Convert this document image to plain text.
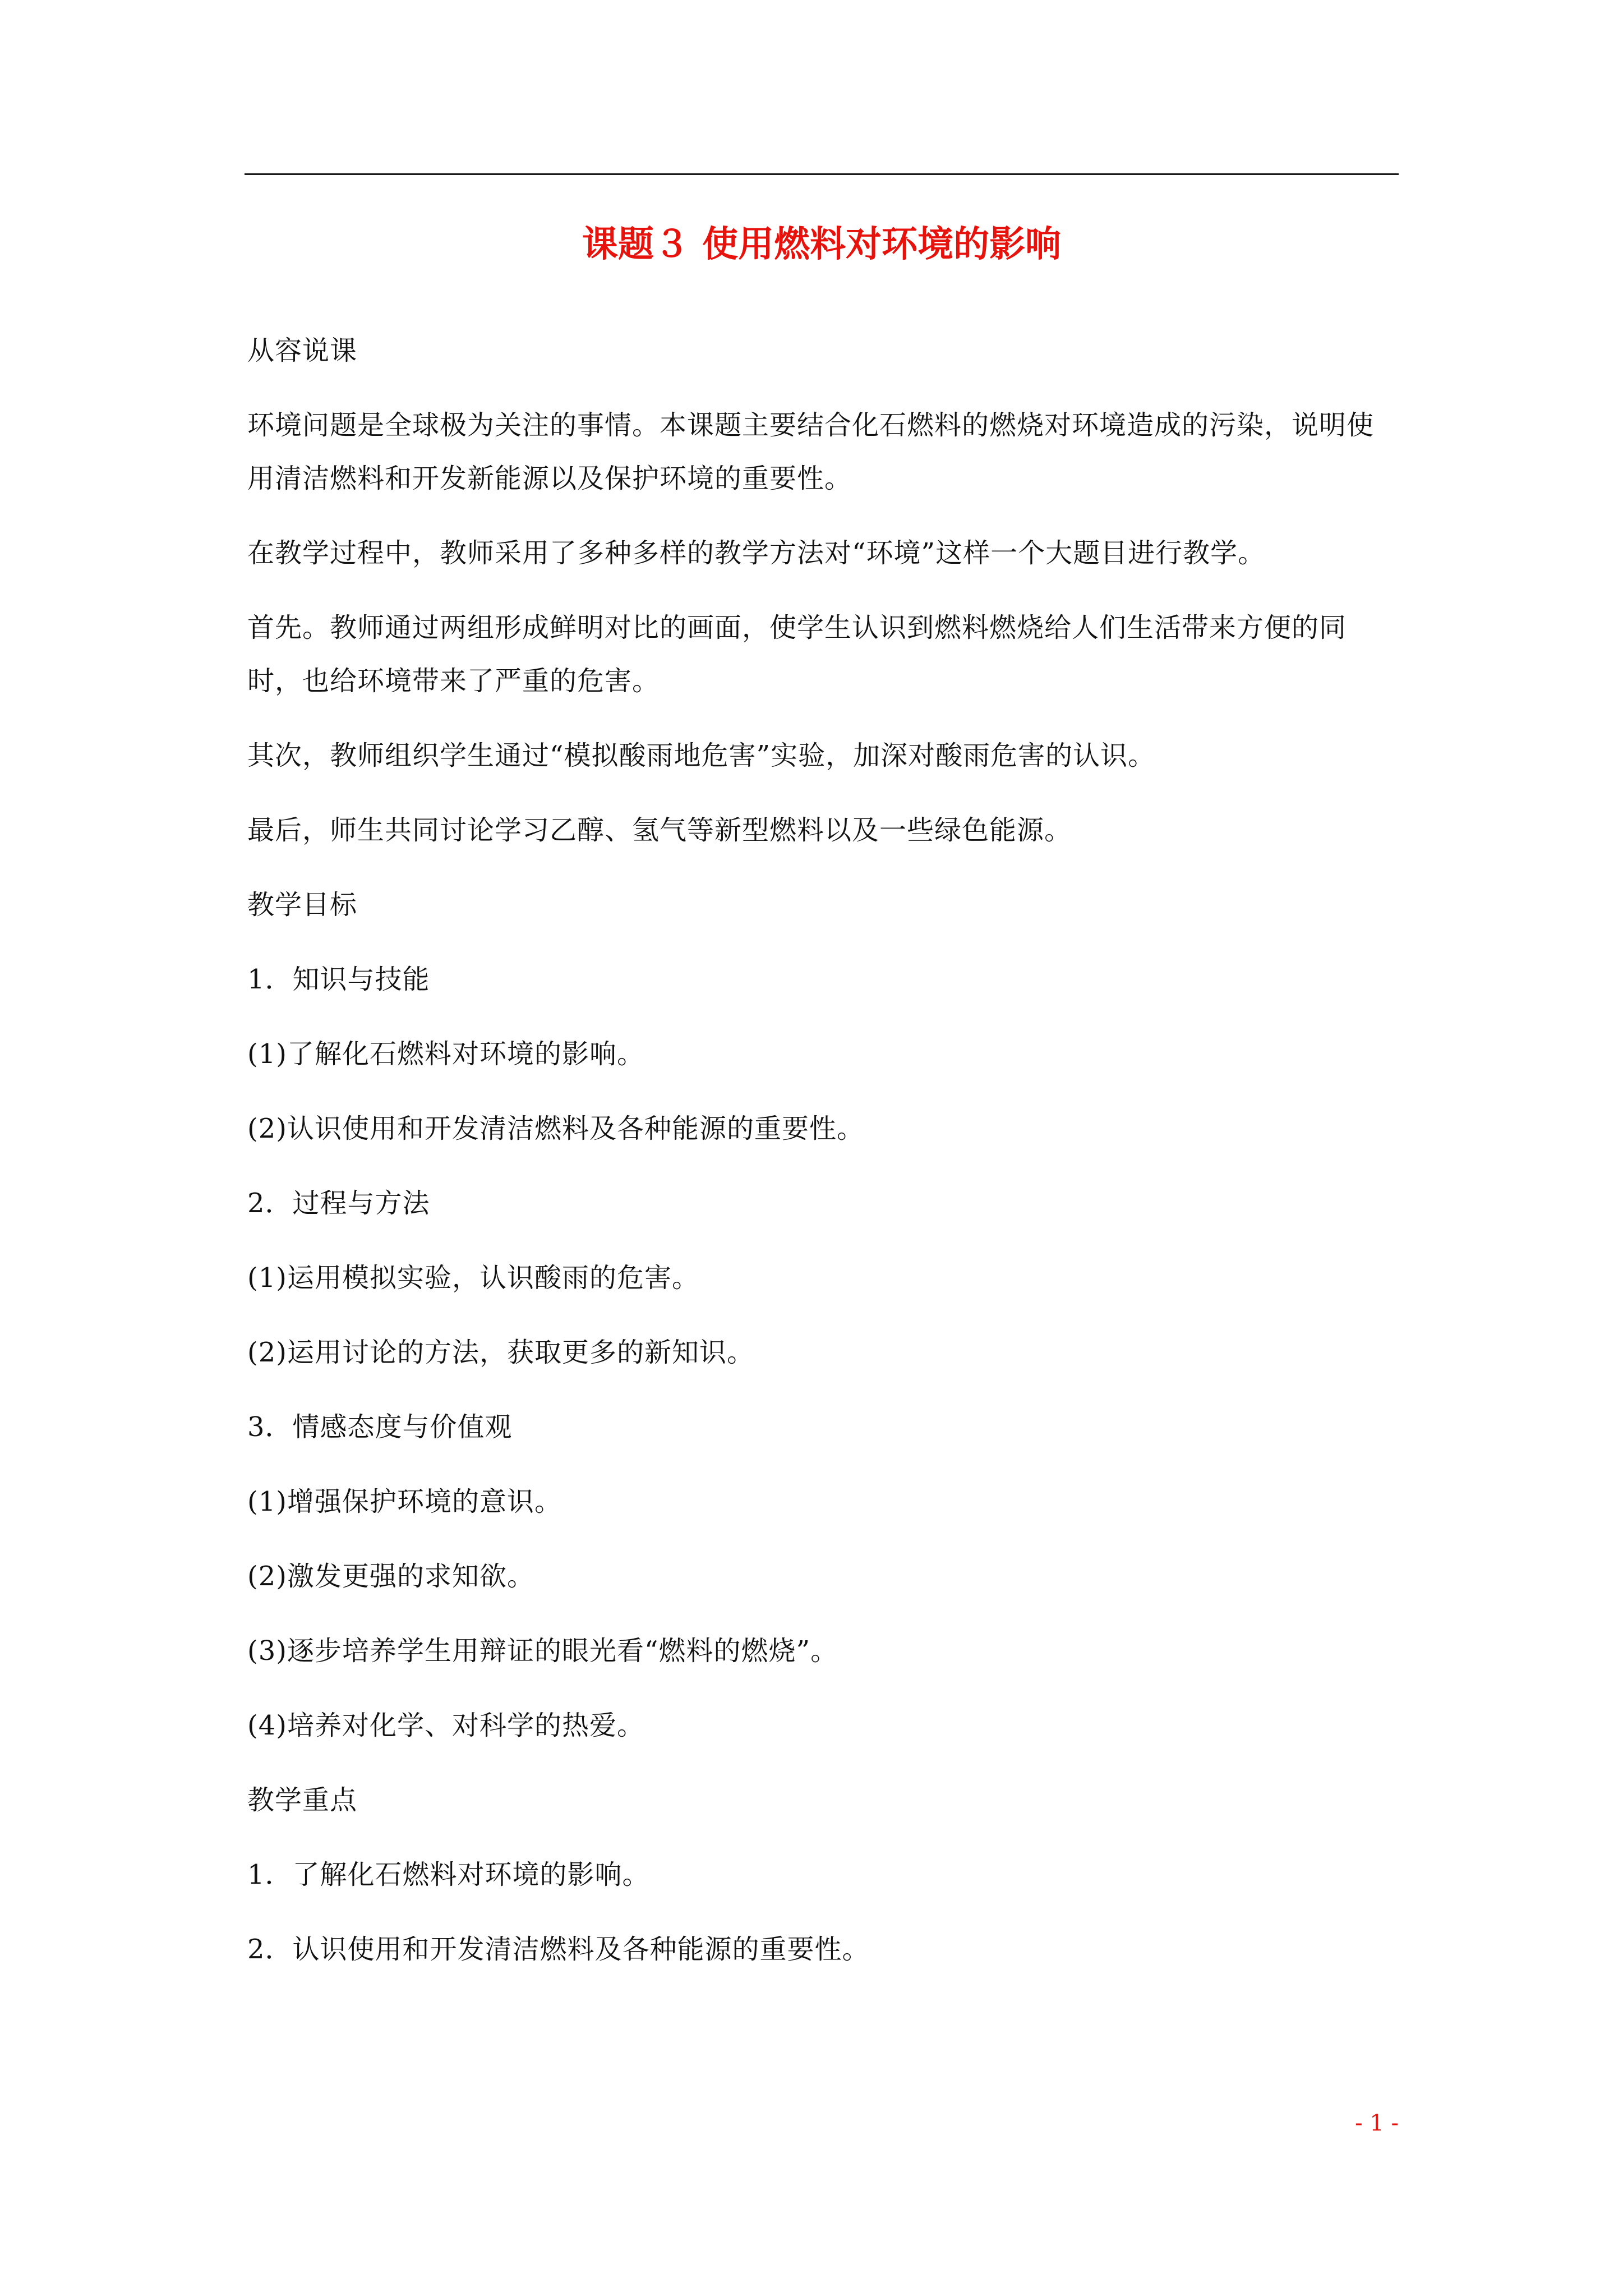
课题３ 使用燃料对环境的影响

从容说课

环境问题是全球极为关注的事情。本课题主要结合化石燃料的燃烧对环境造成的污染，说明使用清洁燃料和开发新能源以及保护环境的重要性。

在教学过程中，教师采用了多种多样的教学方法对“环境”这样一个大题目进行教学。

首先。教师通过两组形成鲜明对比的画面，使学生认识到燃料燃烧给人们生活带来方便的同时，也给环境带来了严重的危害。

其次，教师组织学生通过“模拟酸雨地危害”实验，加深对酸雨危害的认识。

最后，师生共同讨论学习乙醇、氢气等新型燃料以及一些绿色能源。

教学目标

1．知识与技能

(1)了解化石燃料对环境的影响。

(2)认识使用和开发清洁燃料及各种能源的重要性。

2．过程与方法

(1)运用模拟实验，认识酸雨的危害。

(2)运用讨论的方法，获取更多的新知识。

3．情感态度与价值观

(1)增强保护环境的意识。

(2)激发更强的求知欲。

(3)逐步培养学生用辩证的眼光看“燃料的燃烧”。

(4)培养对化学、对科学的热爱。

教学重点

1．了解化石燃料对环境的影响。

2．认识使用和开发清洁燃料及各种能源的重要性。

- 1 -
